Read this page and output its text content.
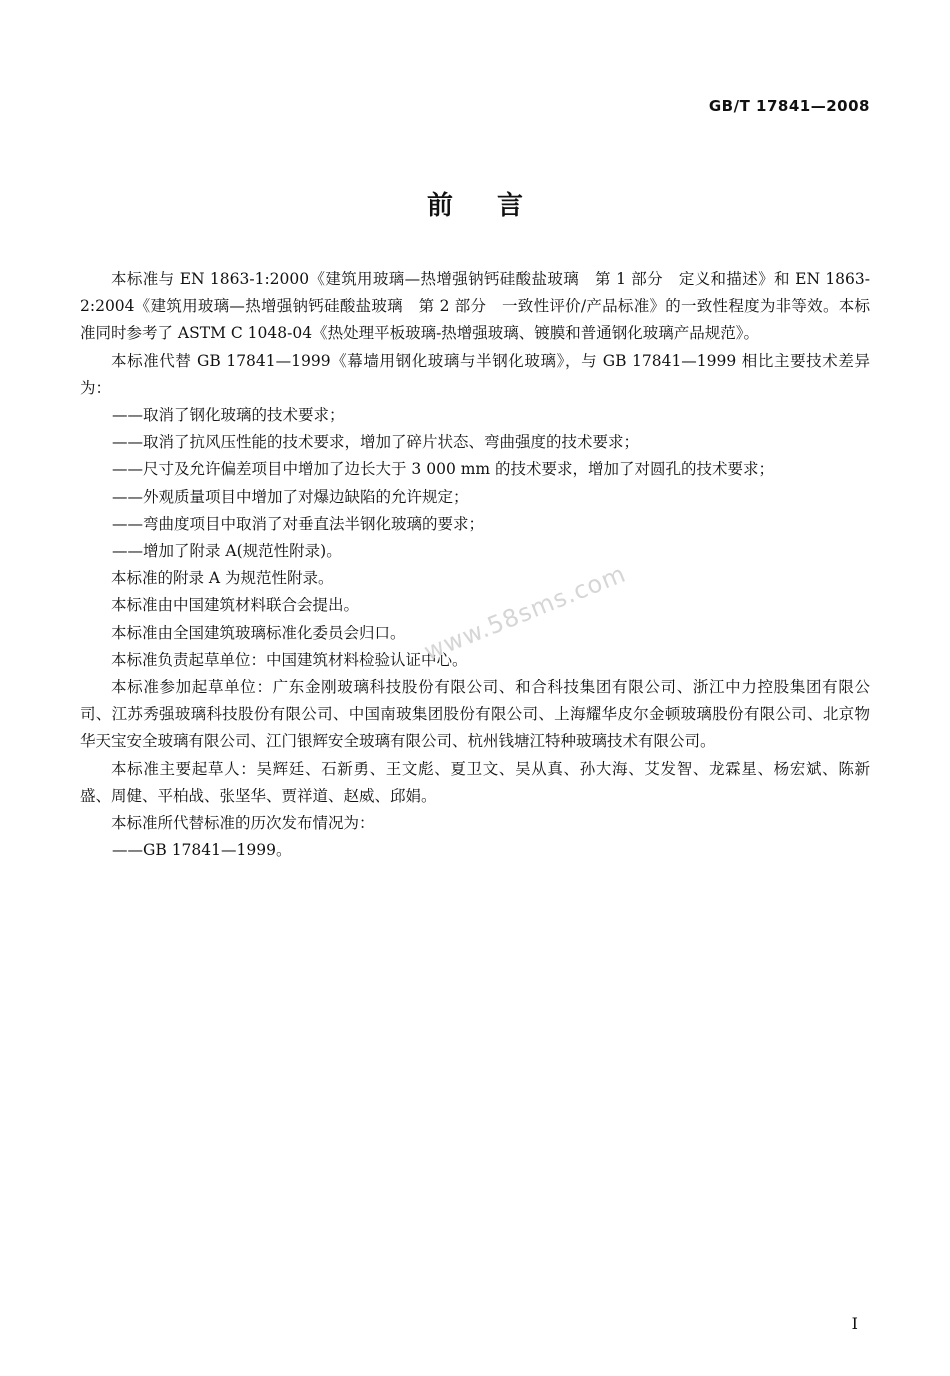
GB/T 17841—2008
前言

本标准与 EN 1863-1:2000《建筑用玻璃—热增强钠钙硅酸盐玻璃　第 1 部分　定义和描述》和 EN 1863-2:2004《建筑用玻璃—热增强钠钙硅酸盐玻璃　第 2 部分　一致性评价/产品标准》的一致性程度为非等效。本标准同时参考了 ASTM C 1048-04《热处理平板玻璃-热增强玻璃、镀膜和普通钢化玻璃产品规范》。

本标准代替 GB 17841—1999《幕墙用钢化玻璃与半钢化玻璃》，与 GB 17841—1999 相比主要技术差异为：

——取消了钢化玻璃的技术要求；

——取消了抗风压性能的技术要求，增加了碎片状态、弯曲强度的技术要求；

——尺寸及允许偏差项目中增加了边长大于 3 000 mm 的技术要求，增加了对圆孔的技术要求；

——外观质量项目中增加了对爆边缺陷的允许规定；

——弯曲度项目中取消了对垂直法半钢化玻璃的要求；

——增加了附录 A(规范性附录)。

本标准的附录 A 为规范性附录。

本标准由中国建筑材料联合会提出。

本标准由全国建筑玻璃标准化委员会归口。

本标准负责起草单位：中国建筑材料检验认证中心。

本标准参加起草单位：广东金刚玻璃科技股份有限公司、和合科技集团有限公司、浙江中力控股集团有限公司、江苏秀强玻璃科技股份有限公司、中国南玻集团股份有限公司、上海耀华皮尔金顿玻璃股份有限公司、北京物华天宝安全玻璃有限公司、江门银辉安全玻璃有限公司、杭州钱塘江特种玻璃技术有限公司。

本标准主要起草人：吴辉廷、石新勇、王文彪、夏卫文、吴从真、孙大海、艾发智、龙霖星、杨宏斌、陈新盛、周健、平柏战、张坚华、贾祥道、赵威、邱娟。

本标准所代替标准的历次发布情况为：

——GB 17841—1999。

www.58sms.com
I
